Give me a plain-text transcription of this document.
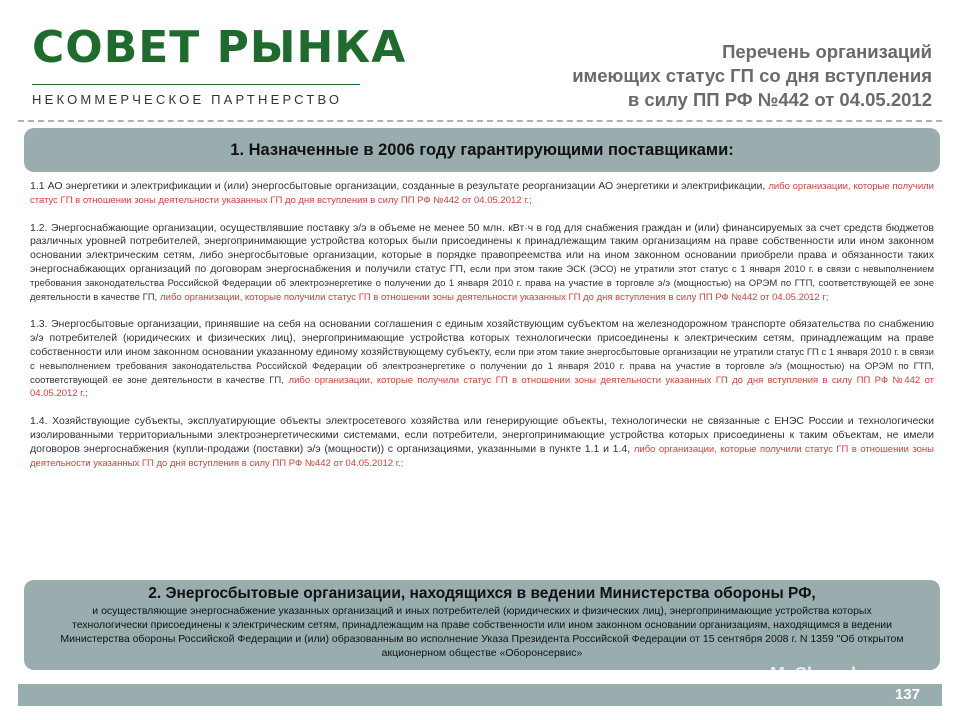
СОВЕТ РЫНКА
НЕКОММЕРЧЕСКОЕ ПАРТНЕРСТВО
Перечень организаций
имеющих статус ГП со дня вступления
в силу ПП РФ №442 от 04.05.2012
1. Назначенные в 2006 году гарантирующими поставщиками:

1.1 АО энергетики и электрификации и (или) энергосбытовые организации, созданные в результате реорганизации АО энергетики и электрификации, либо организации, которые получили статус ГП в отношении зоны деятельности указанных ГП до дня вступления в силу ПП РФ №442 от 04.05.2012 г.;

1.2. Энергоснабжающие организации, осуществлявшие поставку э/э в объеме не менее 50 млн. кВт·ч в год для снабжения граждан и (или) финансируемых за счет средств бюджетов различных уровней потребителей, энергопринимающие устройства которых были присоединены к принадлежащим таким организациям на праве собственности или ином законном основании электрическим сетям, либо энергосбытовые организации, которые в порядке правопреемства или на ином законном основании приобрели права и обязанности таких энергоснабжающих организаций по договорам энергоснабжения и получили статус ГП, если при этом такие ЭСК (ЭСО) не утратили этот статус с 1 января 2010 г. в связи с невыполнением требования законодательства Российской Федерации об электроэнергетике о получении до 1 января 2010 г. права на участие в торговле э/э (мощностью) на ОРЭМ по ГТП, соответствующей ее зоне деятельности в качестве ГП, либо организации, которые получили статус ГП в отношении зоны деятельности указанных ГП до дня вступления в силу ПП РФ №442 от 04.05.2012 г;

1.3. Энергосбытовые организации, принявшие на себя на основании соглашения с единым хозяйствующим субъектом на железнодорожном транспорте обязательства по снабжению э/э потребителей (юридических и физических лиц), энергопринимающие устройства которых технологически присоединены к электрическим сетям, принадлежащим на праве собственности или ином законном основании указанному единому хозяйствующему субъекту, если при этом такие энергосбытовые организации не утратили статус ГП с 1 января 2010 г. в связи с невыполнением требования законодательства Российской Федерации об электроэнергетике о получении до 1 января 2010 г. права на участие в торговле э/э (мощностью) на ОРЭМ по ГТП, соответствующей ее зоне деятельности в качестве ГП, либо организации, которые получили статус ГП в отношении зоны деятельности указанных ГП до дня вступления в силу ПП РФ №442 от 04.05.2012 г.;

1.4. Хозяйствующие субъекты, эксплуатирующие объекты электросетевого хозяйства или генерирующие объекты, технологически не связанные с ЕНЭС России и технологически изолированными территориальными электроэнергетическими системами, если потребители, энергопринимающие устройства которых присоединены к таким объектам, не имели договоров энергоснабжения (купли-продажи (поставки) э/э (мощности)) с организациями, указанными в пункте 1.1 и 1.4, либо организации, которые получили статус ГП в отношении зоны деятельности указанных ГП до дня вступления в силу ПП РФ №442 от 04.05.2012 г.;

2. Энергосбытовые организации, находящихся в ведении Министерства обороны РФ,
и осуществляющие энергоснабжение указанных организаций и иных потребителей (юридических и физических лиц), энергопринимающие устройства которых технологически присоединены к электрическим сетям, принадлежащим на праве собственности или ином законном основании организациям, находящимся в ведении Министерства обороны Российской Федерации и (или) образованным во исполнение Указа Президента Российской Федерации от 15 сентября 2008 г. N 1359 "Об открытом акционерном обществе «Оборонсервис»
MyShared
137
